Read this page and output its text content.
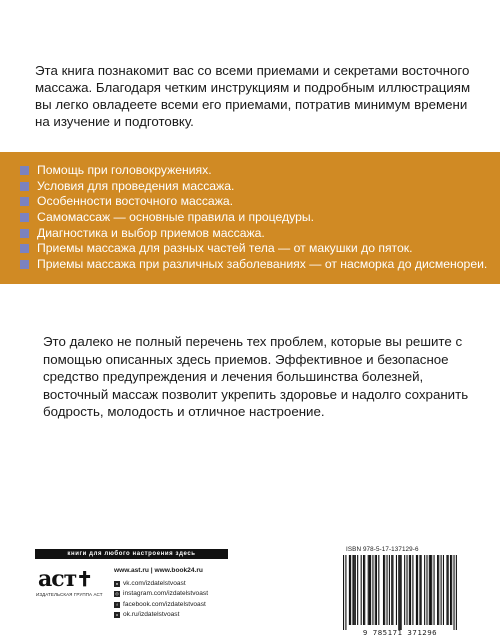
Эта книга познакомит вас со всеми приемами и секретами восточного массажа. Благодаря четким инструкциям и подробным иллюстрациям вы легко овладеете всеми его приемами, потратив минимум времени на изучение и подготовку.
Помощь при головокружениях.
Условия для проведения массажа.
Особенности восточного массажа.
Самомассаж — основные правила и процедуры.
Диагностика и выбор приемов массажа.
Приемы массажа для разных частей тела — от макушки до пяток.
Приемы массажа при различных заболеваниях — от насморка до дисменореи.
Это далеко не полный перечень тех проблем, которые вы решите с помощью описанных здесь приемов. Эффективное и безопасное средство предупреждения и лечения большинства болезней, восточный массаж позволит укрепить здоровье и надолго сохранить бодрость, молодость и отличное настроение.
книги для любого настроения здесь
аст✝
ИЗДАТЕЛЬСКАЯ ГРУППА АСТ
www.ast.ru | www.book24.ru
в vk.com/izdatelstvoast
◎ instagram.com/izdatelstvoast
f facebook.com/izdatelstvoast
о ok.ru/izdatelstvoast
ISBN 978-5-17-137129-6
9 785171 371296
